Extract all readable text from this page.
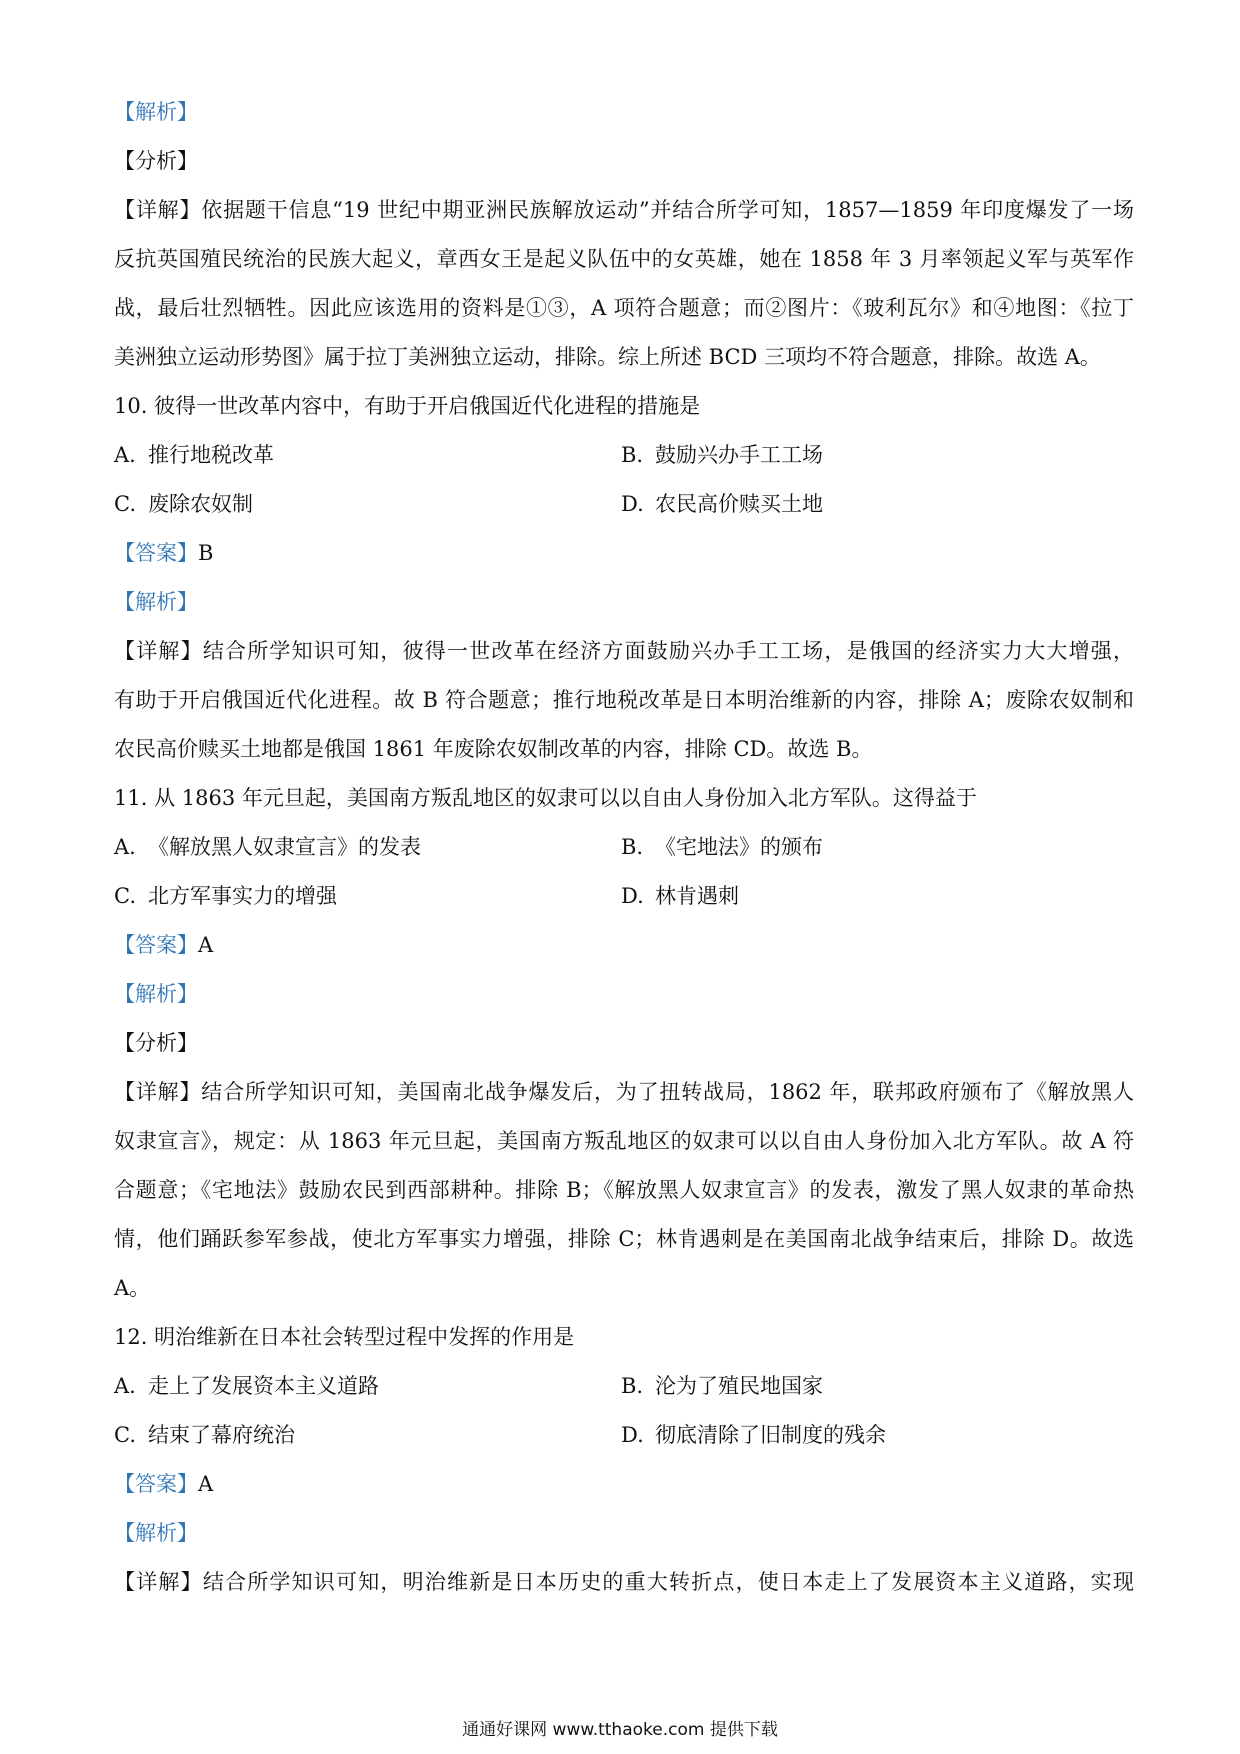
【解析】
【分析】
【详解】依据题干信息“19 世纪中期亚洲民族解放运动”并结合所学可知，1857—1859 年印度爆发了一场
反抗英国殖民统治的民族大起义，章西女王是起义队伍中的女英雄，她在 1858 年 3 月率领起义军与英军作
战，最后壮烈牺牲。因此应该选用的资料是①③，A 项符合题意；而②图片：《玻利瓦尔》和④地图：《拉丁
美洲独立运动形势图》属于拉丁美洲独立运动，排除。综上所述 BCD 三项均不符合题意，排除。故选 A。
10. 彼得一世改革内容中，有助于开启俄国近代化进程的措施是
A. 推行地税改革	B. 鼓励兴办手工工场
C. 废除农奴制	D. 农民高价赎买土地
【答案】B
【解析】
【详解】结合所学知识可知，彼得一世改革在经济方面鼓励兴办手工工场，是俄国的经济实力大大增强，
有助于开启俄国近代化进程。故 B 符合题意；推行地税改革是日本明治维新的内容，排除 A；废除农奴制和
农民高价赎买土地都是俄国 1861 年废除农奴制改革的内容，排除 CD。故选 B。
11. 从 1863 年元旦起，美国南方叛乱地区的奴隶可以以自由人身份加入北方军队。这得益于
A. 《解放黑人奴隶宣言》的发表	B. 《宅地法》的颁布
C. 北方军事实力的增强	D. 林肯遇刺
【答案】A
【解析】
【分析】
【详解】结合所学知识可知，美国南北战争爆发后，为了扭转战局，1862 年，联邦政府颁布了《解放黑人
奴隶宣言》，规定：从 1863 年元旦起，美国南方叛乱地区的奴隶可以以自由人身份加入北方军队。故 A 符
合题意；《宅地法》鼓励农民到西部耕种。排除 B；《解放黑人奴隶宣言》的发表，激发了黑人奴隶的革命热
情，他们踊跃参军参战，使北方军事实力增强，排除 C；林肯遇刺是在美国南北战争结束后，排除 D。故选
A。
12. 明治维新在日本社会转型过程中发挥的作用是
A. 走上了发展资本主义道路	B. 沦为了殖民地国家
C. 结束了幕府统治	D. 彻底清除了旧制度的残余
【答案】A
【解析】
【详解】结合所学知识可知，明治维新是日本历史的重大转折点，使日本走上了发展资本主义道路，实现
通通好课网 www.tthaoke.com 提供下载
